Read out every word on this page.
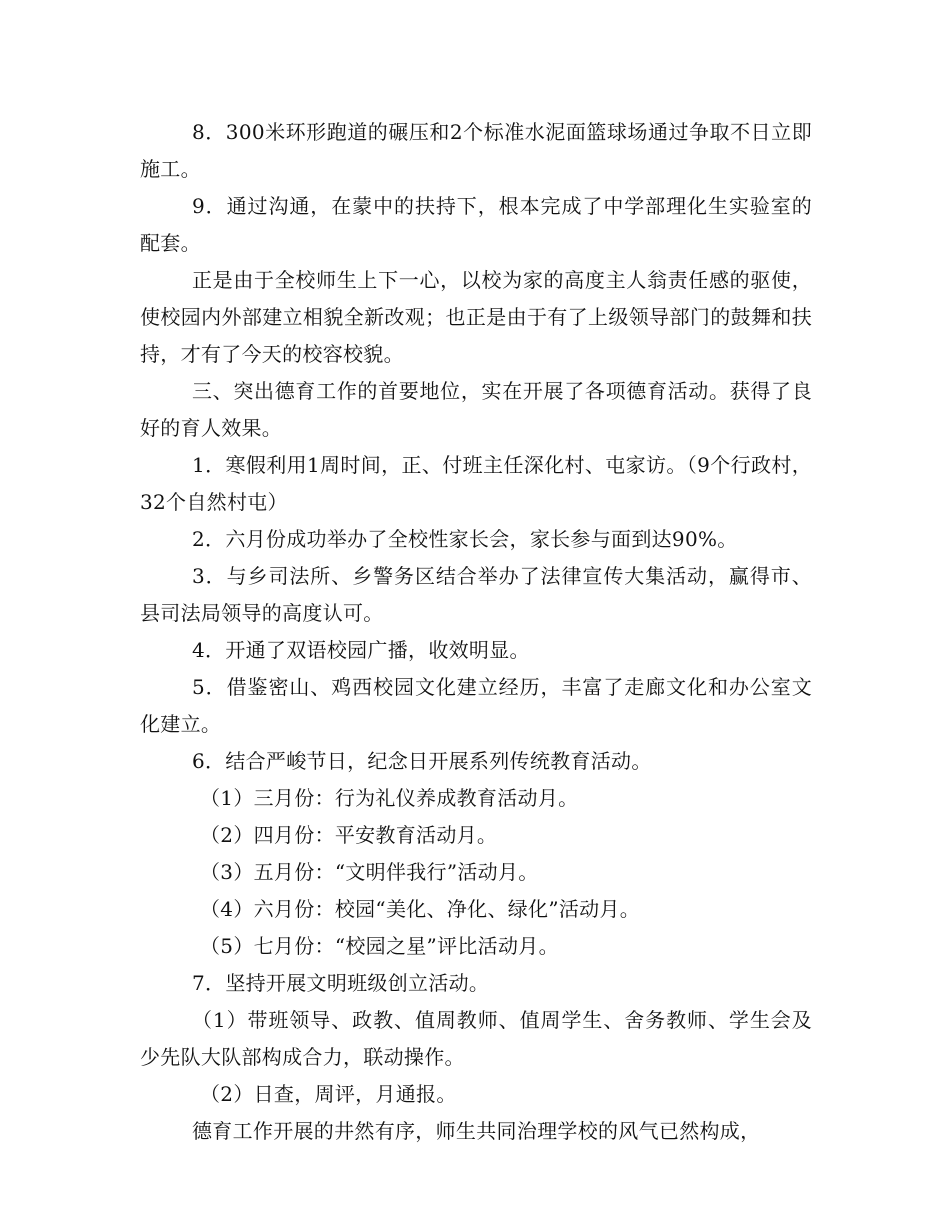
8．300米环形跑道的碾压和2个标准水泥面篮球场通过争取不日立即施工。

9．通过沟通，在蒙中的扶持下，根本完成了中学部理化生实验室的配套。

正是由于全校师生上下一心，以校为家的高度主人翁责任感的驱使，使校园内外部建立相貌全新改观；也正是由于有了上级领导部门的鼓舞和扶持，才有了今天的校容校貌。

三、突出德育工作的首要地位，实在开展了各项德育活动。获得了良好的育人效果。

1．寒假利用1周时间，正、付班主任深化村、屯家访。（9个行政村，32个自然村屯）

2．六月份成功举办了全校性家长会，家长参与面到达90%。

3．与乡司法所、乡警务区结合举办了法律宣传大集活动，赢得市、县司法局领导的高度认可。

4．开通了双语校园广播，收效明显。

5．借鉴密山、鸡西校园文化建立经历，丰富了走廊文化和办公室文化建立。

6．结合严峻节日，纪念日开展系列传统教育活动。

（1）三月份：行为礼仪养成教育活动月。

（2）四月份：平安教育活动月。

（3）五月份：“文明伴我行”活动月。

（4）六月份：校园“美化、净化、绿化”活动月。

（5）七月份：“校园之星”评比活动月。

7．坚持开展文明班级创立活动。

（1）带班领导、政教、值周教师、值周学生、舍务教师、学生会及少先队大队部构成合力，联动操作。

（2）日查，周评，月通报。

德育工作开展的井然有序，师生共同治理学校的风气已然构成，
